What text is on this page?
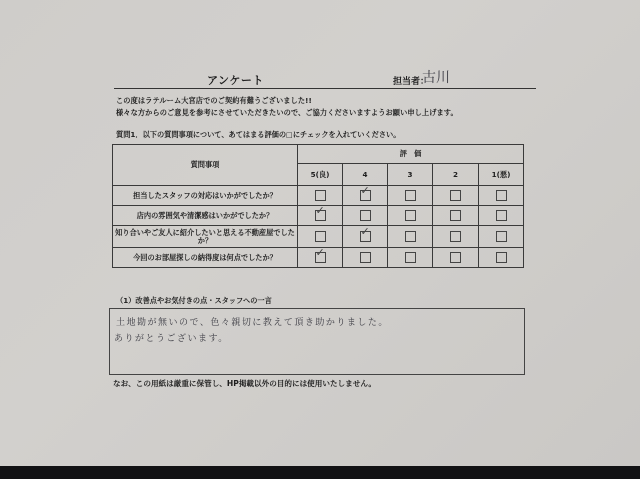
アンケート	担当者：
古川
この度はラテルーム大宮店でのご契約有難うございました!!
様々な方からのご意見を参考にさせていただきたいので、ご協力くださいますようお願い申し上げます。
質問1．以下の質問事項について、あてはまる評価の□にチェックを入れていください。
質問事項	評　価				
	5(良)	4	3	2	1(悪)
担当したスタッフの対応はいかがでしたか？		✓			

店内の雰囲気や清潔感はいかがでしたか？	✓				

知り合いやご友人に紹介したいと思える不動産屋でしたか？		✓			

今回のお部屋探しの納得度は何点でしたか？	✓				

（1）改善点やお気付きの点・スタッフへの一言
土地勘が無いので、色々親切に教えて頂き助かりました。
ありがとうございます。
なお、この用紙は厳重に保管し、HP掲載以外の目的には使用いたしません。
